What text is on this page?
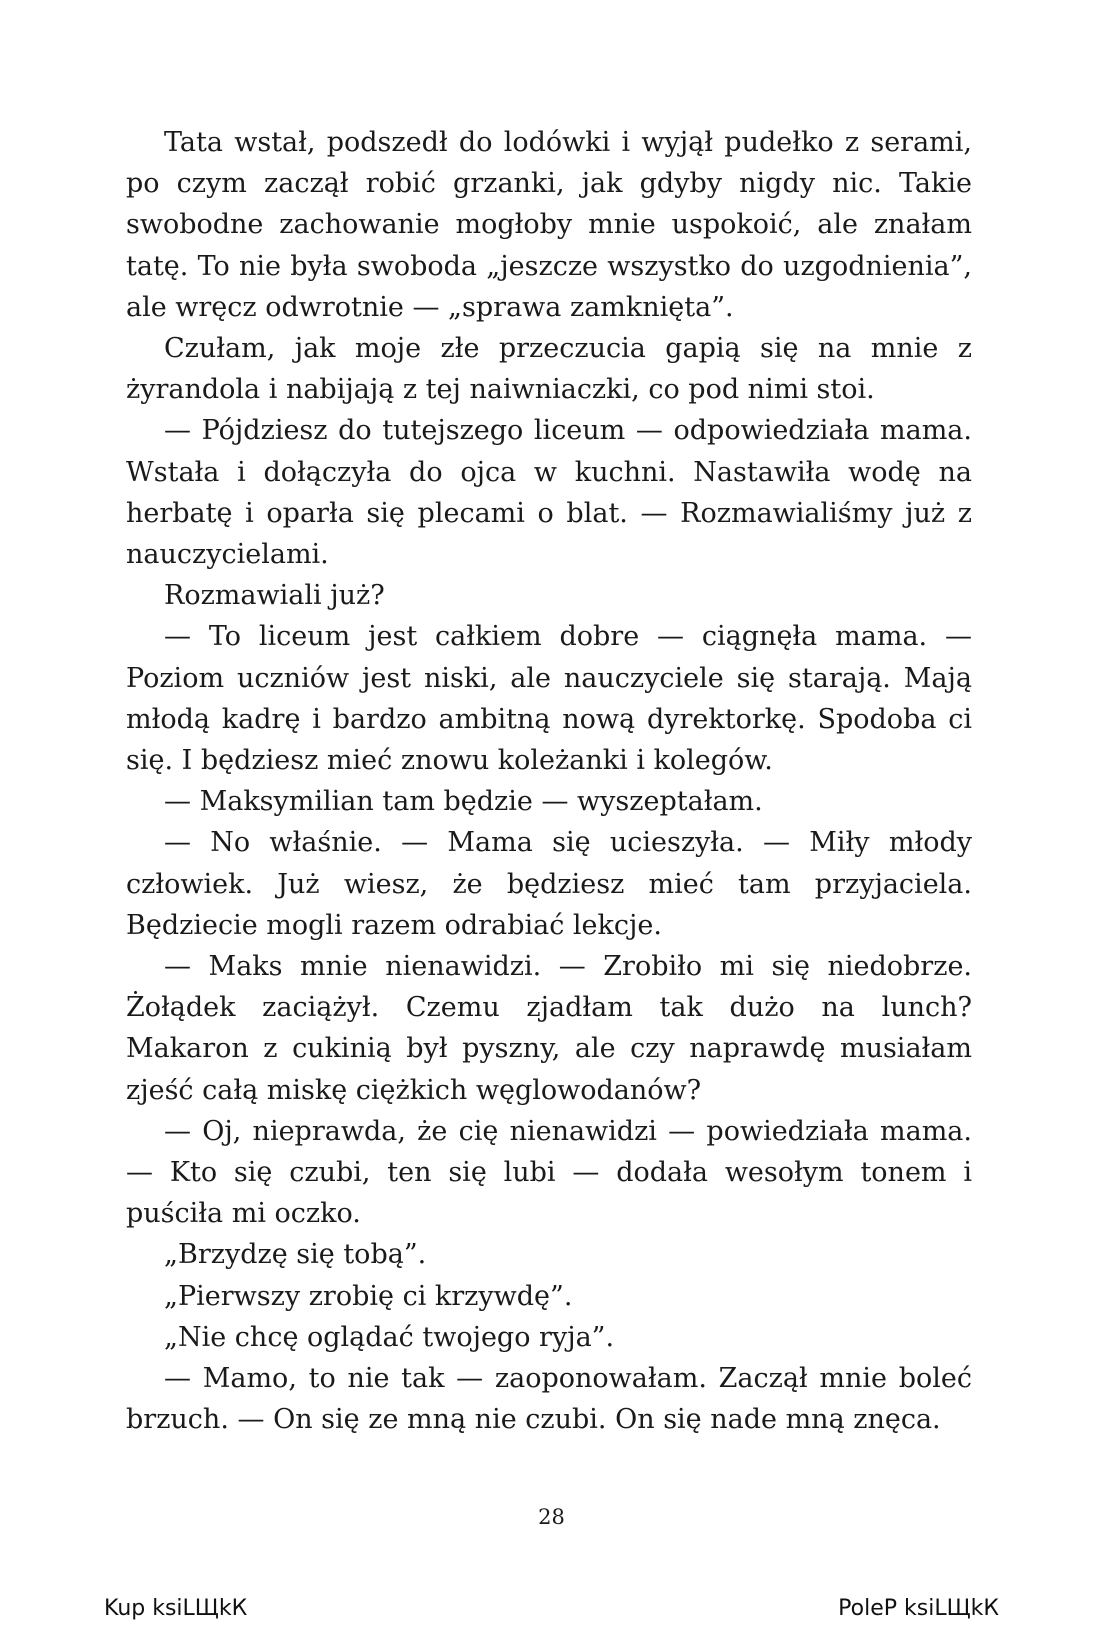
Tata wstał, podszedł do lodówki i wyjął pudełko z serami, po czym zaczął robić grzanki, jak gdyby nigdy nic. Takie swobodne zachowanie mogłoby mnie uspokoić, ale znałam tatę. To nie była swoboda „jeszcze wszystko do uzgodnienia”, ale wręcz odwrotnie — „sprawa zamknięta”.

Czułam, jak moje złe przeczucia gapią się na mnie z żyrandola i nabijają z tej naiwniaczki, co pod nimi stoi.

— Pójdziesz do tutejszego liceum — odpowiedziała mama. Wstała i dołączyła do ojca w kuchni. Nastawiła wodę na herbatę i oparła się plecami o blat. — Rozmawialiśmy już z nauczycielami.

Rozmawiali już?

— To liceum jest całkiem dobre — ciągnęła mama. — Poziom uczniów jest niski, ale nauczyciele się starają. Mają młodą kadrę i bardzo ambitną nową dyrektorkę. Spodoba ci się. I będziesz mieć znowu koleżanki i kolegów.

— Maksymilian tam będzie — wyszeptałam.

— No właśnie. — Mama się ucieszyła. — Miły młody człowiek. Już wiesz, że będziesz mieć tam przyjaciela. Będziecie mogli razem odrabiać lekcje.

— Maks mnie nienawidzi. — Zrobiło mi się niedobrze. Żołądek zaciążył. Czemu zjadłam tak dużo na lunch? Makaron z cukinią był pyszny, ale czy naprawdę musiałam zjeść całą miskę ciężkich węglowodanów?

— Oj, nieprawda, że cię nienawidzi — powiedziała mama. — Kto się czubi, ten się lubi — dodała wesołym tonem i puściła mi oczko.

„Brzydzę się tobą”.

„Pierwszy zrobię ci krzywdę”.

„Nie chcę oglądać twojego ryja”.

— Mamo, to nie tak — zaoponowałam. Zaczął mnie boleć brzuch. — On się ze mną nie czubi. On się nade mną znęca.

28
Kup ksiLЩkК	PoleP ksiLЩkК
